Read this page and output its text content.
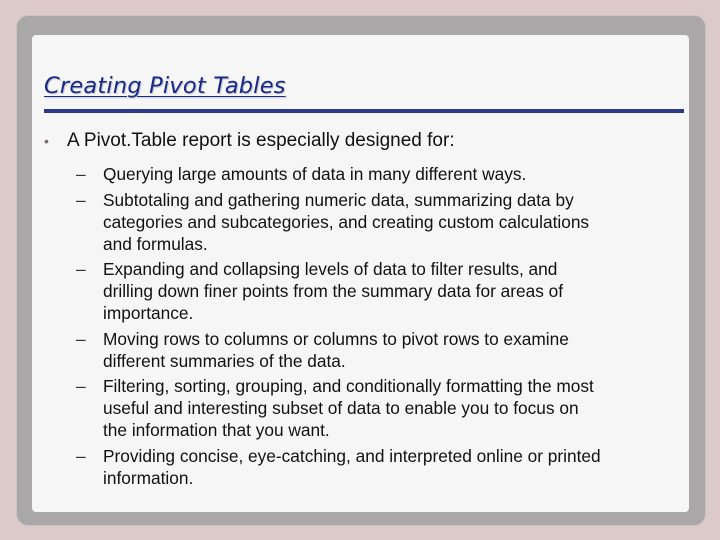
Creating Pivot Tables
• A Pivot.Table report is especially designed for:
– Querying large amounts of data in many different ways.
– Subtotaling and gathering numeric data, summarizing data by
categories and subcategories, and creating custom calculations
and formulas.
– Expanding and collapsing levels of data to filter results, and
drilling down finer points from the summary data for areas of
importance.
– Moving rows to columns or columns to pivot rows to examine
different summaries of the data.
– Filtering, sorting, grouping, and conditionally formatting the most
useful and interesting subset of data to enable you to focus on
the information that you want.
– Providing concise, eye-catching, and interpreted online or printed
information.
